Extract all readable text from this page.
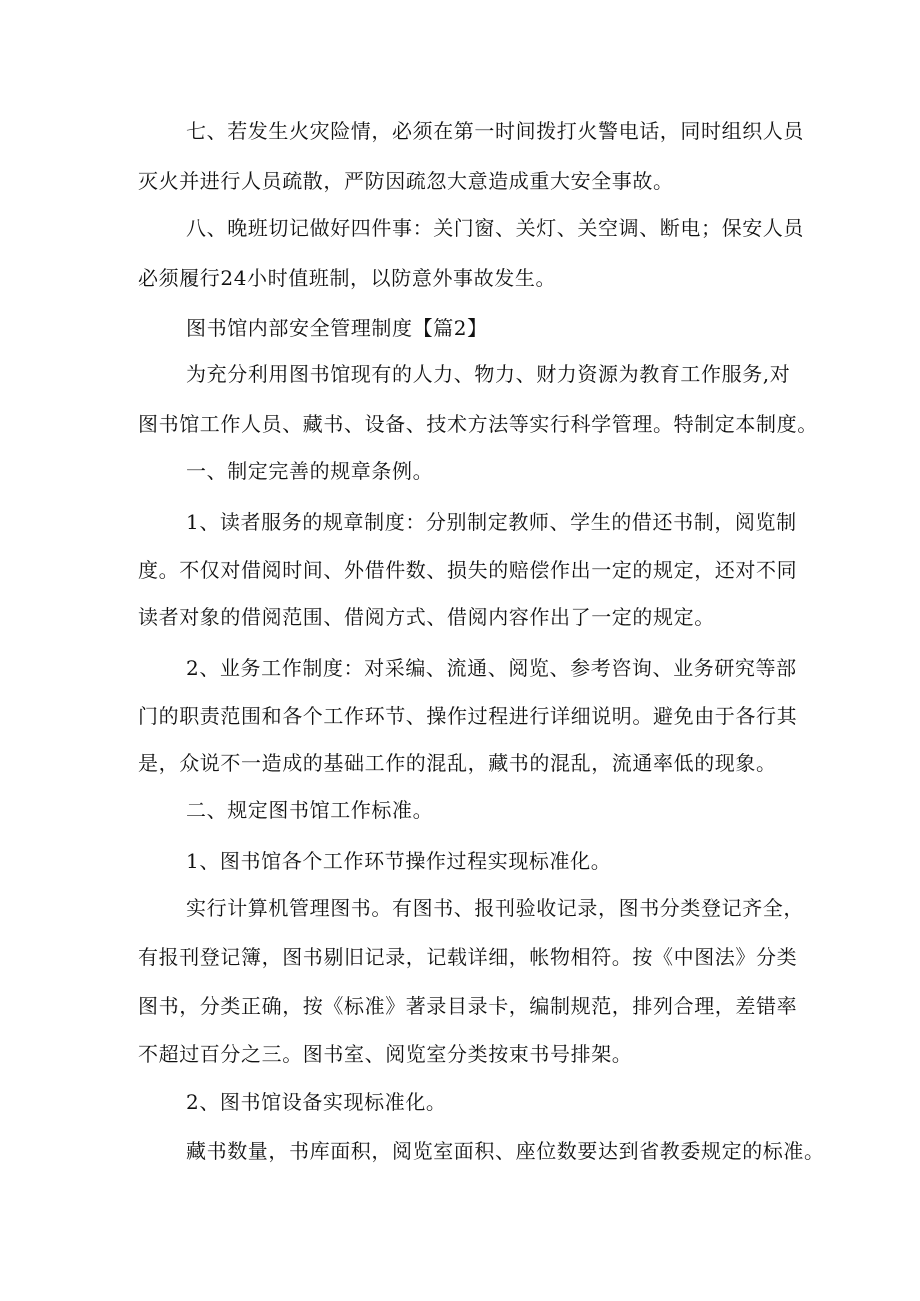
七、若发生火灾险情，必须在第一时间拨打火警电话，同时组织人员
灭火并进行人员疏散，严防因疏忽大意造成重大安全事故。
八、晚班切记做好四件事：关门窗、关灯、关空调、断电；保安人员
必须履行24小时值班制，以防意外事故发生。
图书馆内部安全管理制度【篇2】
为充分利用图书馆现有的人力、物力、财力资源为教育工作服务,对
图书馆工作人员、藏书、设备、技术方法等实行科学管理。特制定本制度。
一、制定完善的规章条例。
1、读者服务的规章制度：分别制定教师、学生的借还书制，阅览制
度。不仅对借阅时间、外借件数、损失的赔偿作出一定的规定，还对不同
读者对象的借阅范围、借阅方式、借阅内容作出了一定的规定。
2、业务工作制度：对采编、流通、阅览、参考咨询、业务研究等部
门的职责范围和各个工作环节、操作过程进行详细说明。避免由于各行其
是，众说不一造成的基础工作的混乱，藏书的混乱，流通率低的现象。
二、规定图书馆工作标准。
1、图书馆各个工作环节操作过程实现标准化。
实行计算机管理图书。有图书、报刊验收记录，图书分类登记齐全，
有报刊登记簿，图书剔旧记录，记载详细，帐物相符。按《中图法》分类
图书，分类正确，按《标准》著录目录卡，编制规范，排列合理，差错率
不超过百分之三。图书室、阅览室分类按束书号排架。
2、图书馆设备实现标准化。
藏书数量，书库面积，阅览室面积、座位数要达到省教委规定的标准。
